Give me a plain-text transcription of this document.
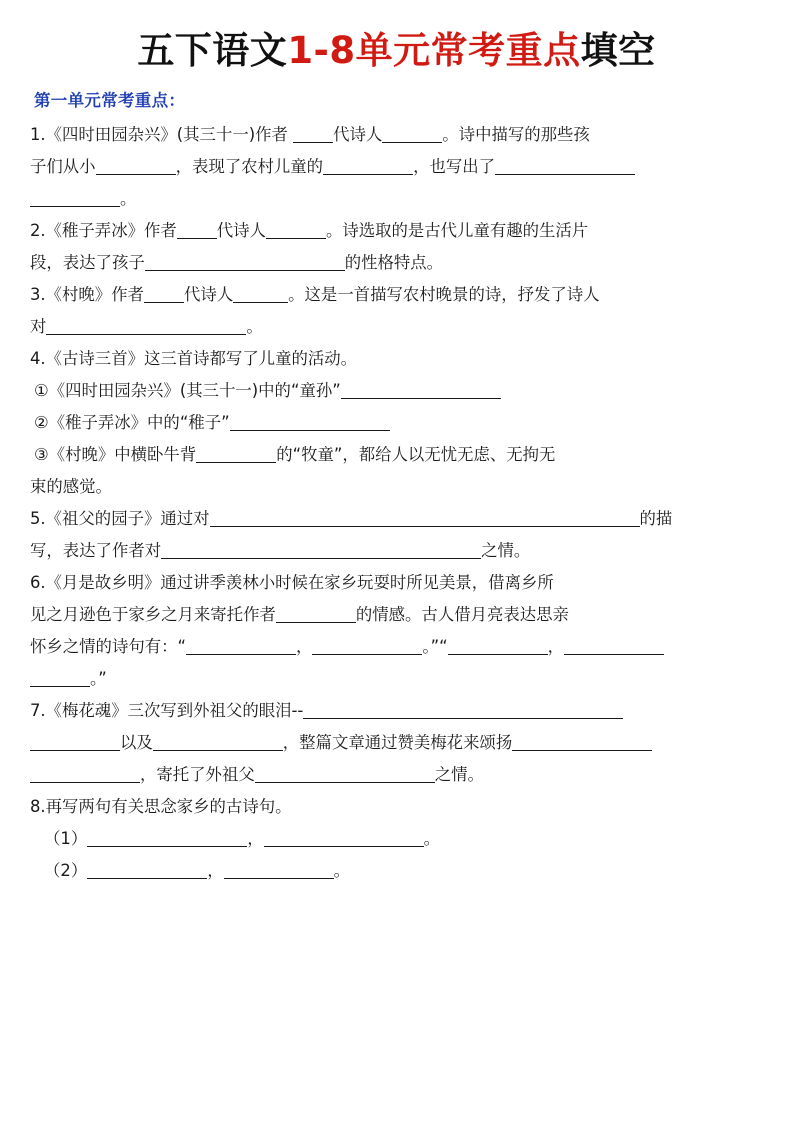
五下语文1-8单元常考重点填空
第一单元常考重点：
1.《四时田园杂兴》(其三十一)作者	代诗人	。诗中描写的那些孩
子们从小	，表现了农村儿童的	，也写出了
。
2.《稚子弄冰》作者 代诗人	。诗选取的是古代儿童有趣的生活片
段，表达了孩子	的性格特点。
3.《村晚》作者 代诗人	。这是一首描写农村晚景的诗，抒发了诗人
对	。
4.《古诗三首》这三首诗都写了儿童的活动。
①《四时田园杂兴》(其三十一)中的“童孙”
②《稚子弄冰》中的“稚子”
③《村晚》中横卧牛背	的“牧童”，都给人以无忧无虑、无拘无
束的感觉。
5.《祖父的园子》通过对	的描
写，表达了作者对	之情。
6.《月是故乡明》通过讲季羡林小时候在家乡玩耍时所见美景，借离乡所
见之月逊色于家乡之月来寄托作者	的情感。古人借月亮表达思亲
怀乡之情的诗句有：“	，	。”“	，
。”
7.《梅花魂》三次写到外祖父的眼泪--
以及	，整篇文章通过赞美梅花来颂扬
，寄托了外祖父	之情。
8.再写两句有关思念家乡的古诗句。
（1）	，	。
（2）	，	。
